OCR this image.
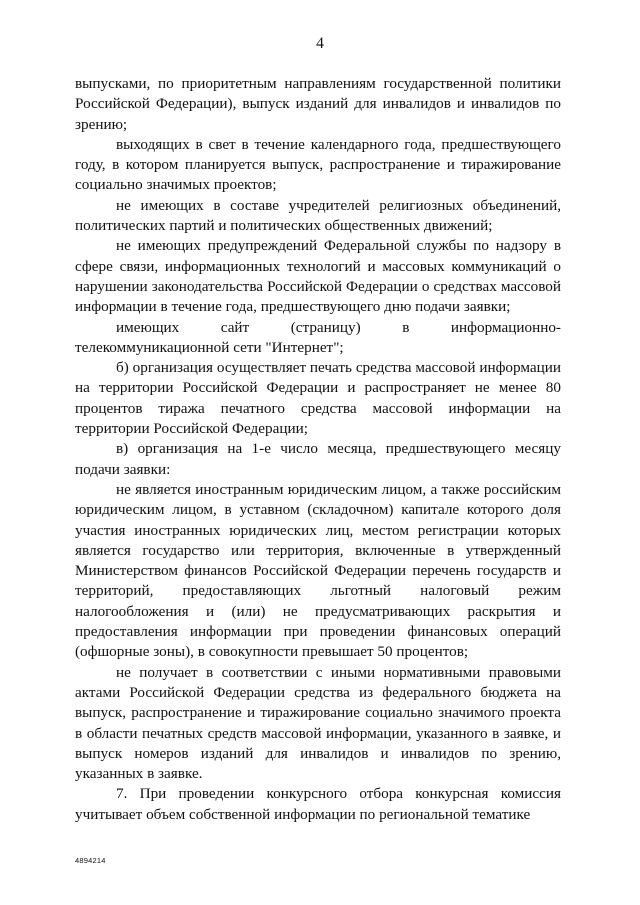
4

выпусками, по приоритетным направлениям государственной политики Российской Федерации), выпуск изданий для инвалидов и инвалидов по зрению;

выходящих в свет в течение календарного года, предшествующего году, в котором планируется выпуск, распространение и тиражирование социально значимых проектов;

не имеющих в составе учредителей религиозных объединений, политических партий и политических общественных движений;

не имеющих предупреждений Федеральной службы по надзору в сфере связи, информационных технологий и массовых коммуникаций о нарушении законодательства Российской Федерации о средствах массовой информации в течение года, предшествующего дню подачи заявки;

имеющих сайт (страницу) в информационно-телекоммуникационной сети "Интернет";

б) организация осуществляет печать средства массовой информации на территории Российской Федерации и распространяет не менее 80 процентов тиража печатного средства массовой информации на территории Российской Федерации;

в) организация на 1-е число месяца, предшествующего месяцу подачи заявки:

не является иностранным юридическим лицом, а также российским юридическим лицом, в уставном (складочном) капитале которого доля участия иностранных юридических лиц, местом регистрации которых является государство или территория, включенные в утвержденный Министерством финансов Российской Федерации перечень государств и территорий, предоставляющих льготный налоговый режим налогообложения и (или) не предусматривающих раскрытия и предоставления информации при проведении финансовых операций (офшорные зоны), в совокупности превышает 50 процентов;

не получает в соответствии с иными нормативными правовыми актами Российской Федерации средства из федерального бюджета на выпуск, распространение и тиражирование социально значимого проекта в области печатных средств массовой информации, указанного в заявке, и выпуск номеров изданий для инвалидов и инвалидов по зрению, указанных в заявке.

7. При проведении конкурсного отбора конкурсная комиссия учитывает объем собственной информации по региональной тематике

4894214
